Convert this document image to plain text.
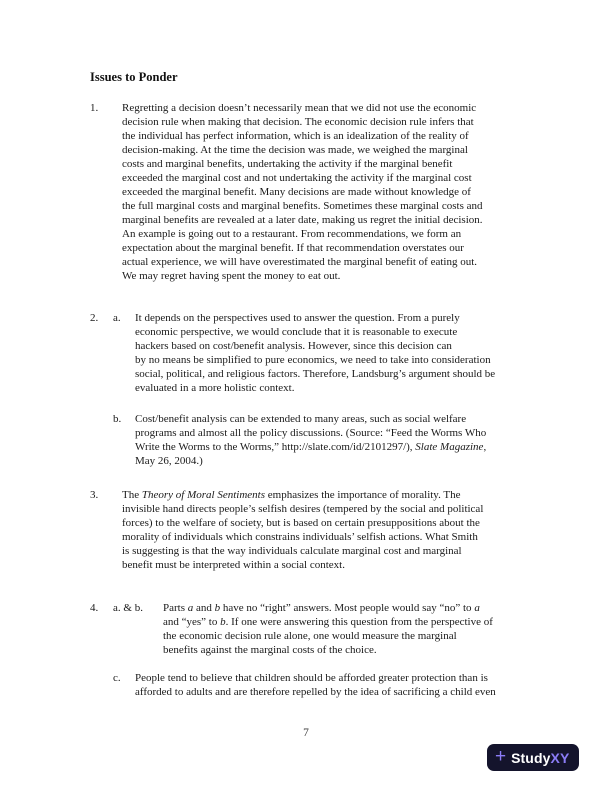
Issues to Ponder
1.	Regretting a decision doesn’t necessarily mean that we did not use the economic
decision rule when making that decision. The economic decision rule infers that
the individual has perfect information, which is an idealization of the reality of
decision-making. At the time the decision was made, we weighed the marginal
costs and marginal benefits, undertaking the activity if the marginal benefit
exceeded the marginal cost and not undertaking the activity if the marginal cost
exceeded the marginal benefit. Many decisions are made without knowledge of
the full marginal costs and marginal benefits. Sometimes these marginal costs and
marginal benefits are revealed at a later date, making us regret the initial decision.
An example is going out to a restaurant. From recommendations, we form an
expectation about the marginal benefit. If that recommendation overstates our
actual experience, we will have overestimated the marginal benefit of eating out.
We may regret having spent the money to eat out.
2.	a.	It depends on the perspectives used to answer the question. From a purely
economic perspective, we would conclude that it is reasonable to execute
hackers based on cost/benefit analysis. However, since this decision can
by no means be simplified to pure economics, we need to take into consideration
social, political, and religious factors. Therefore, Landsburg’s argument should be
evaluated in a more holistic context.
b.	Cost/benefit analysis can be extended to many areas, such as social welfare
programs and almost all the policy discussions. (Source: “Feed the Worms Who
Write the Worms to the Worms,” http://slate.com/id/2101297/), Slate Magazine,
May 26, 2004.)
3.	The Theory of Moral Sentiments emphasizes the importance of morality. The
invisible hand directs people’s selfish desires (tempered by the social and political
forces) to the welfare of society, but is based on certain presuppositions about the
morality of individuals which constrains individuals’ selfish actions. What Smith
is suggesting is that the way individuals calculate marginal cost and marginal
benefit must be interpreted within a social context.
4.	a. & b.	Parts a and b have no “right” answers. Most people would say “no” to a
and “yes” to b. If one were answering this question from the perspective of
the economic decision rule alone, one would measure the marginal
benefits against the marginal costs of the choice.
c.	People tend to believe that children should be afforded greater protection than is
afforded to adults and are therefore repelled by the idea of sacrificing a child even
7
+ Study XY
